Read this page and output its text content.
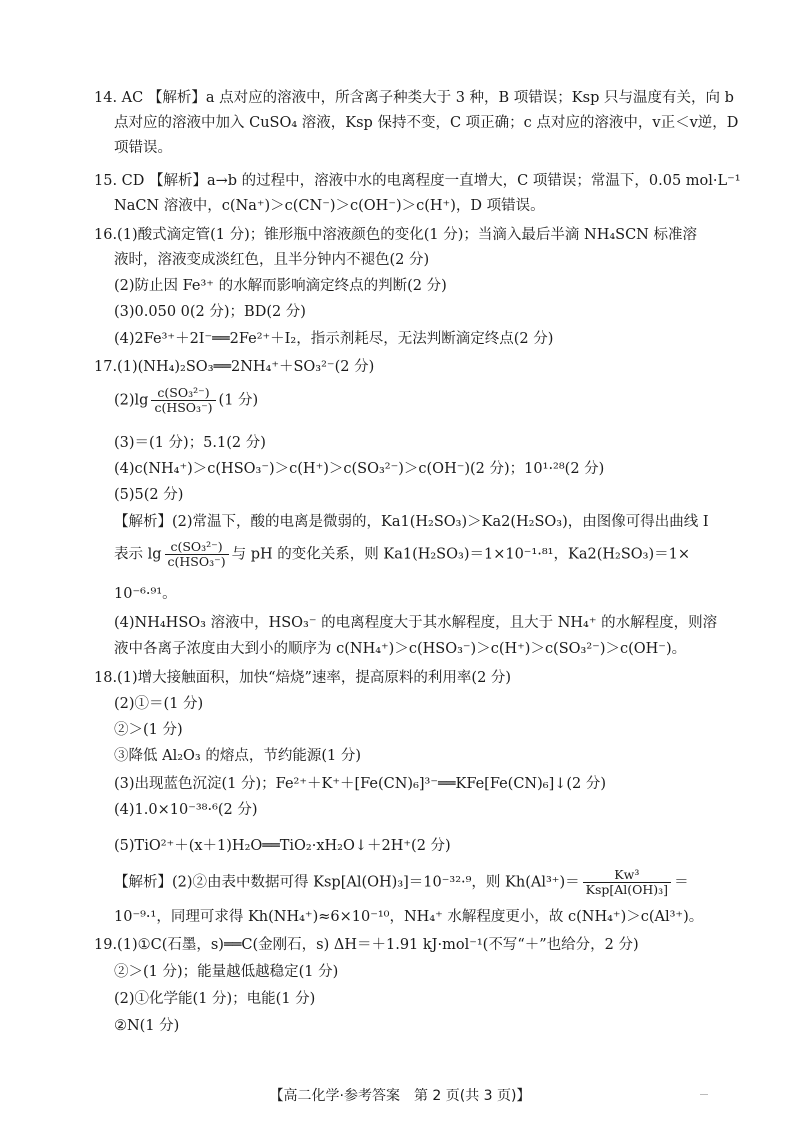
14. AC 【解析】a 点对应的溶液中，所含离子种类大于 3 种，B 项错误；Ksp 只与温度有关，向 b
点对应的溶液中加入 CuSO₄ 溶液，Ksp 保持不变，C 项正确；c 点对应的溶液中，v正＜v逆，D
项错误。
15. CD 【解析】a→b 的过程中，溶液中水的电离程度一直增大，C 项错误；常温下，0.05 mol·L⁻¹
NaCN 溶液中，c(Na⁺)＞c(CN⁻)＞c(OH⁻)＞c(H⁺)，D 项错误。
16.(1)酸式滴定管(1 分)；锥形瓶中溶液颜色的变化(1 分)；当滴入最后半滴 NH₄SCN 标准溶
液时，溶液变成淡红色，且半分钟内不褪色(2 分)
(2)防止因 Fe³⁺ 的水解而影响滴定终点的判断(2 分)
(3)0.050 0(2 分)；BD(2 分)
(4)2Fe³⁺＋2I⁻══2Fe²⁺＋I₂，指示剂耗尽，无法判断滴定终点(2 分)
17.(1)(NH₄)₂SO₃══2NH₄⁺＋SO₃²⁻(2 分)
$(2)\lg \frac{\text{c(SO₃²⁻)}}{\text{c(HSO₃⁻)}} (1$ 分)
(3)＝(1 分)；5.1(2 分)
(4)c(NH₄⁺)＞c(HSO₃⁻)＞c(H⁺)＞c(SO₃²⁻)＞c(OH⁻)(2 分)；10¹·²⁸(2 分)
(5)5(2 分)
【解析】(2)常温下，酸的电离是微弱的，Ka1(H₂SO₃)＞Ka2(H₂SO₃)，由图像可得出曲线 Ⅰ
表示 $\lg \frac{\text{c(SO₃²⁻)}}{\text{c(HSO₃⁻)}}$ 与 pH 的变化关系，则 Ka1(H₂SO₃)＝1×10⁻¹·⁸¹，Ka2(H₂SO₃)＝1×
10⁻⁶·⁹¹。
(4)NH₄HSO₃ 溶液中，HSO₃⁻ 的电离程度大于其水解程度，且大于 NH₄⁺ 的水解程度，则溶
液中各离子浓度由大到小的顺序为 c(NH₄⁺)＞c(HSO₃⁻)＞c(H⁺)＞c(SO₃²⁻)＞c(OH⁻)。
18.(1)增大接触面积，加快“焙烧”速率，提高原料的利用率(2 分)
(2)①＝(1 分)
②＞(1 分)
③降低 Al₂O₃ 的熔点，节约能源(1 分)
(3)出现蓝色沉淀(1 分)；Fe²⁺＋K⁺＋[Fe(CN)₆]³⁻══KFe[Fe(CN)₆]↓(2 分)
(4)1.0×10⁻³⁸·⁶(2 分)
(5)TiO²⁺＋(x＋1)H₂O══TiO₂·xH₂O↓＋2H⁺(2 分)
【解析】(2)②由表中数据可得 Ksp[Al(OH)₃]＝10⁻³²·⁹，则 $Kh(Al^{3+})= \frac{\text{Kw³}}{\text{Ksp[Al(OH)₃]}}$ ＝
10⁻⁹·¹，同理可求得 Kh(NH₄⁺)≈6×10⁻¹⁰，NH₄⁺ 水解程度更小，故 c(NH₄⁺)＞c(Al³⁺)。
19.(1)①C(石墨，s)══C(金刚石，s) ΔH＝＋1.91 kJ·mol⁻¹(不写“＋”也给分，2 分)
②＞(1 分)；能量越低越稳定(1 分)
(2)①化学能(1 分)；电能(1 分)
②N(1 分)
【高二化学·参考答案　第 2 页(共 3 页)】
